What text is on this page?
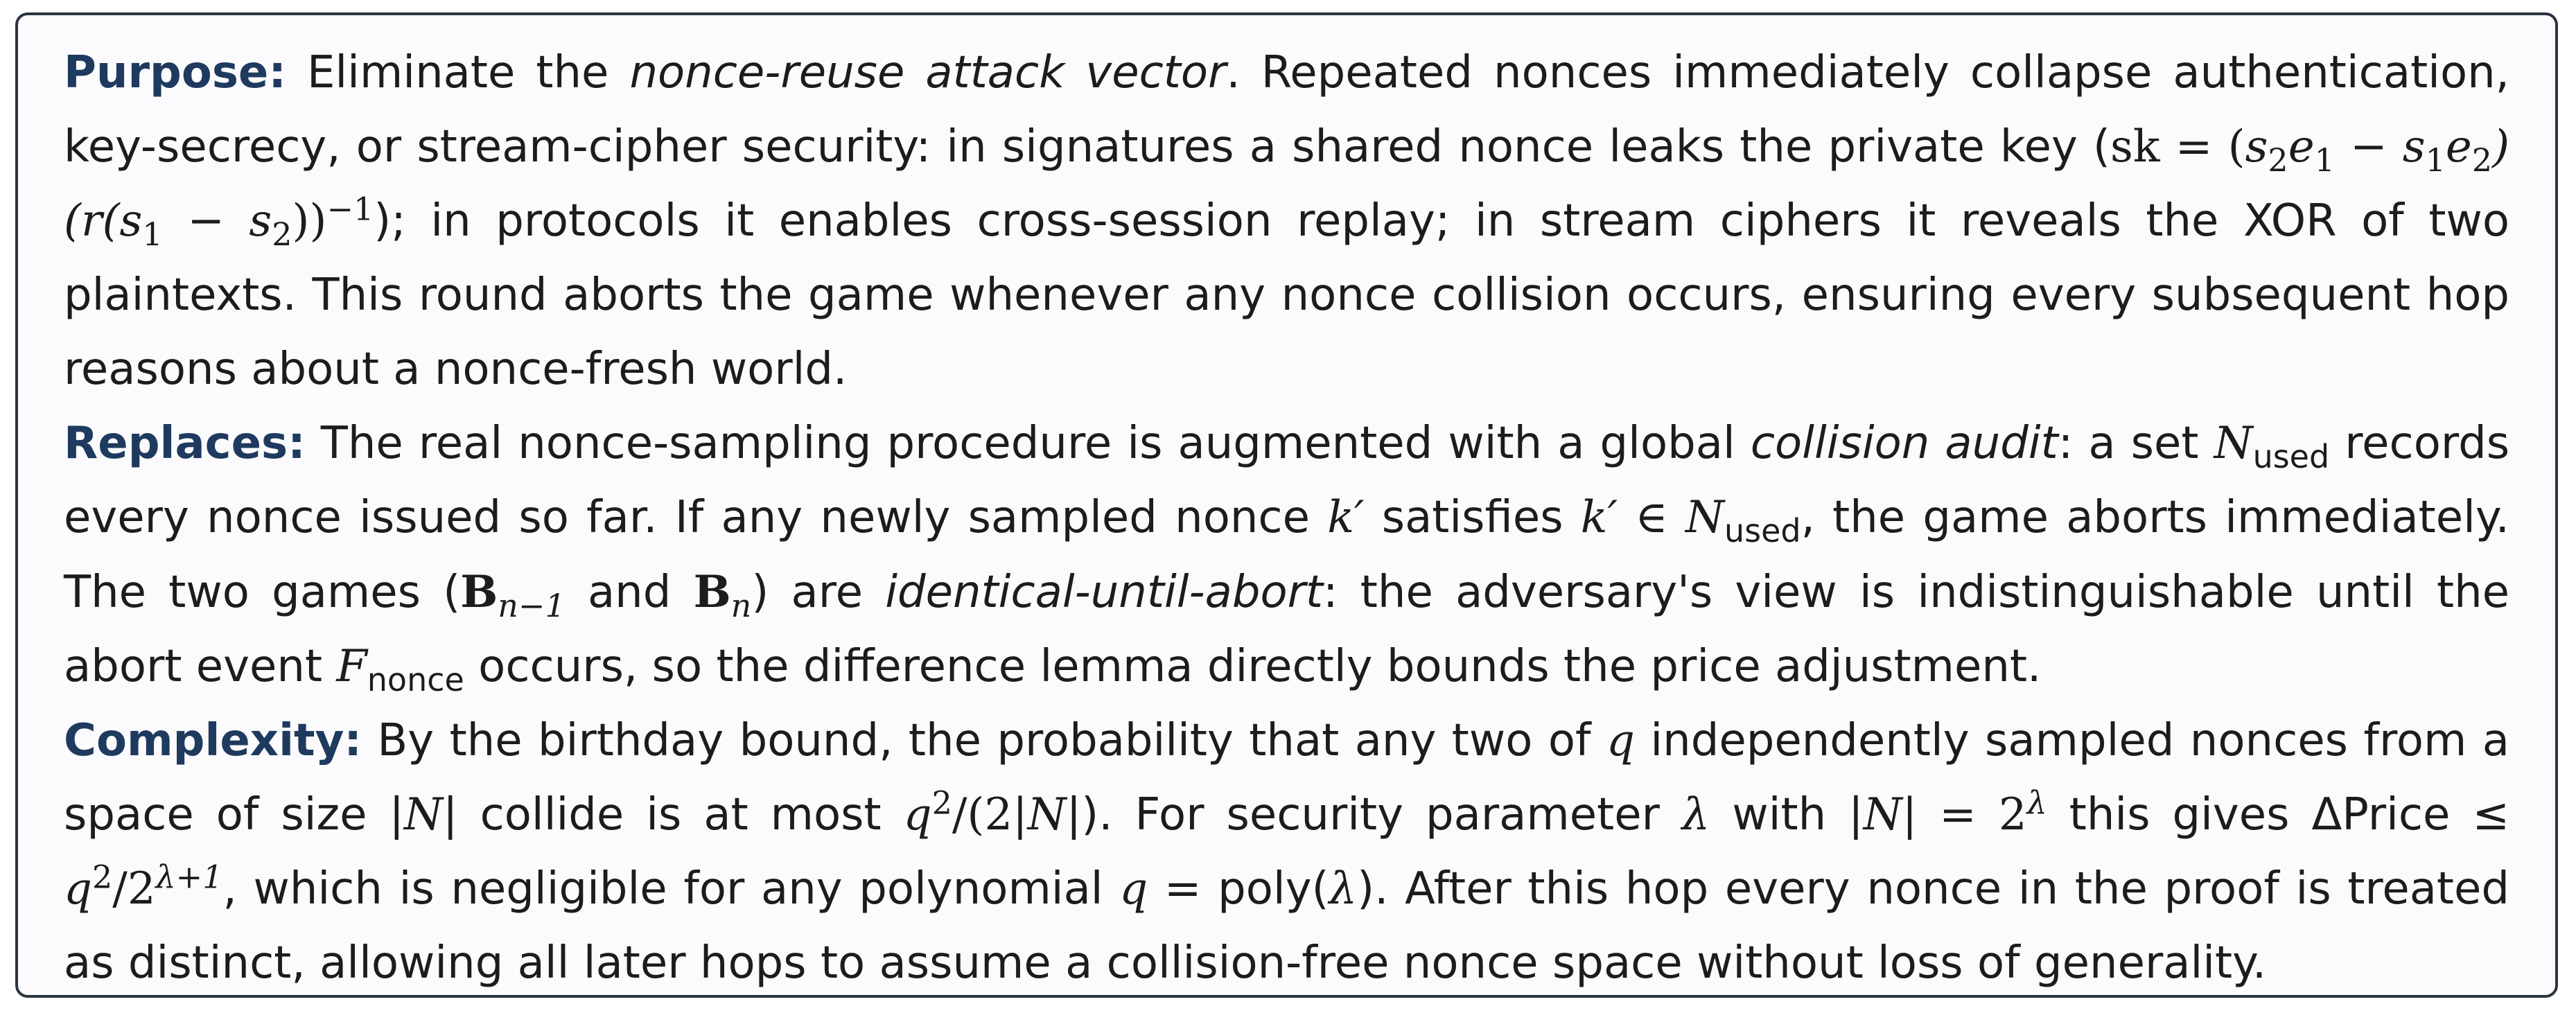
Purpose: Eliminate the nonce-reuse attack vector. Repeated nonces immediately collapse authentication, key-secrecy, or stream-cipher security: in signatures a shared nonce leaks the private key $(sk = (s_2e_1 - s_1e_2)(r(s_1 - s_2))^{-1})$; in protocols it enables cross-session replay; in stream ciphers it reveals the XOR of two plaintexts. This round aborts the game whenever any nonce collision occurs, ensuring every subsequent hop reasons about a nonce-fresh world.

Replaces: The real nonce-sampling procedure is augmented with a global collision audit: a set $N_{used}$ records every nonce issued so far. If any newly sampled nonce k′ satisfies k′ ∈ $N_{used}$, the game aborts immediately. The two games ($B_{n-1}$ and $B_n$) are identical-until-abort: the adversary's view is indistinguishable until the abort event $F_{nonce}$ occurs, so the difference lemma directly bounds the price adjustment.

Complexity: By the birthday bound, the probability that any two of q independently sampled nonces from a space of size |N| collide is at most $q^2/(2|N|)$. For security parameter λ with $|N| = 2^\lambda$ this gives ΔPrice ≤ $q^2/2^{\lambda+1}$, which is negligible for any polynomial q = poly(λ). After this hop every nonce in the proof is treated as distinct, allowing all later hops to assume a collision-free nonce space without loss of generality.
